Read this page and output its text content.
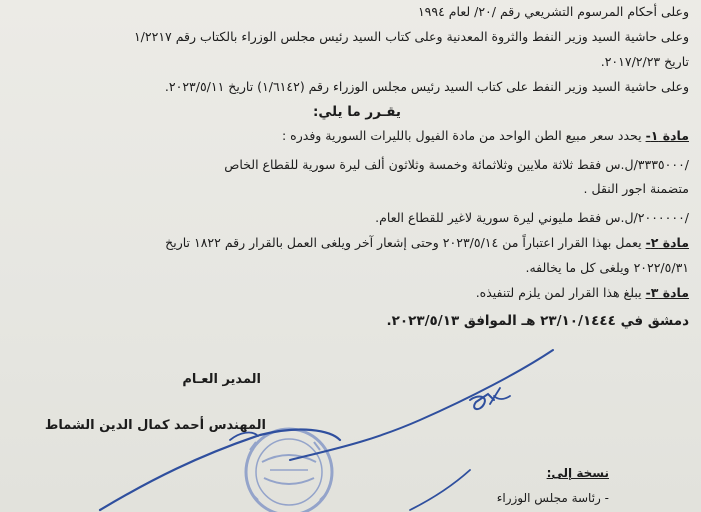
وعلى أحكام المرسوم التشريعي رقم /٢٠/ لعام ١٩٩٤
وعلى حاشية السيد وزير النفط والثروة المعدنية وعلى كتاب السيد رئيس مجلس الوزراء بالكتاب رقم ١/٢٢١٧
تاريخ ٢٠١٧/٢/٢٣.
وعلى حاشية السيد وزير النفط على كتاب السيد رئيس مجلس الوزراء رقم (١/٦١٤٢) تاريخ ٢٠٢٣/٥/١١.
يقـرر ما يلي:
مادة ١- يحدد سعر مبيع الطن الواحد من مادة الفيول بالليرات السورية وفدره :
/٣٣٣٥٠٠٠/ل.س فقط ثلاثة ملايين وثلاثمائة وخمسة وثلاثون ألف ليرة سورية للقطاع الخاص
متضمنة اجور النقل .
/٢٠٠٠٠٠٠/ل.س فقط مليوني ليرة سورية لاغير للقطاع العام.
مادة ٢- يعمل بهذا القرار اعتباراً من ٢٠٢٣/٥/١٤ وحتى إشعار آخر ويلغى العمل بالقرار رقم ١٨٢٢ تاريخ
٢٠٢٢/٥/٣١ ويلغى كل ما يخالفه.
مادة ٣- يبلغ هذا القرار لمن يلزم لتنفيذه.
دمشق في ٢٣/١٠/١٤٤٤ هـ الموافق ٢٠٢٣/٥/١٣.
المدير العـام
المهندس أحمد كمال الدين الشماط
نسخة إلى:
- رئاسة مجلس الوزراء
